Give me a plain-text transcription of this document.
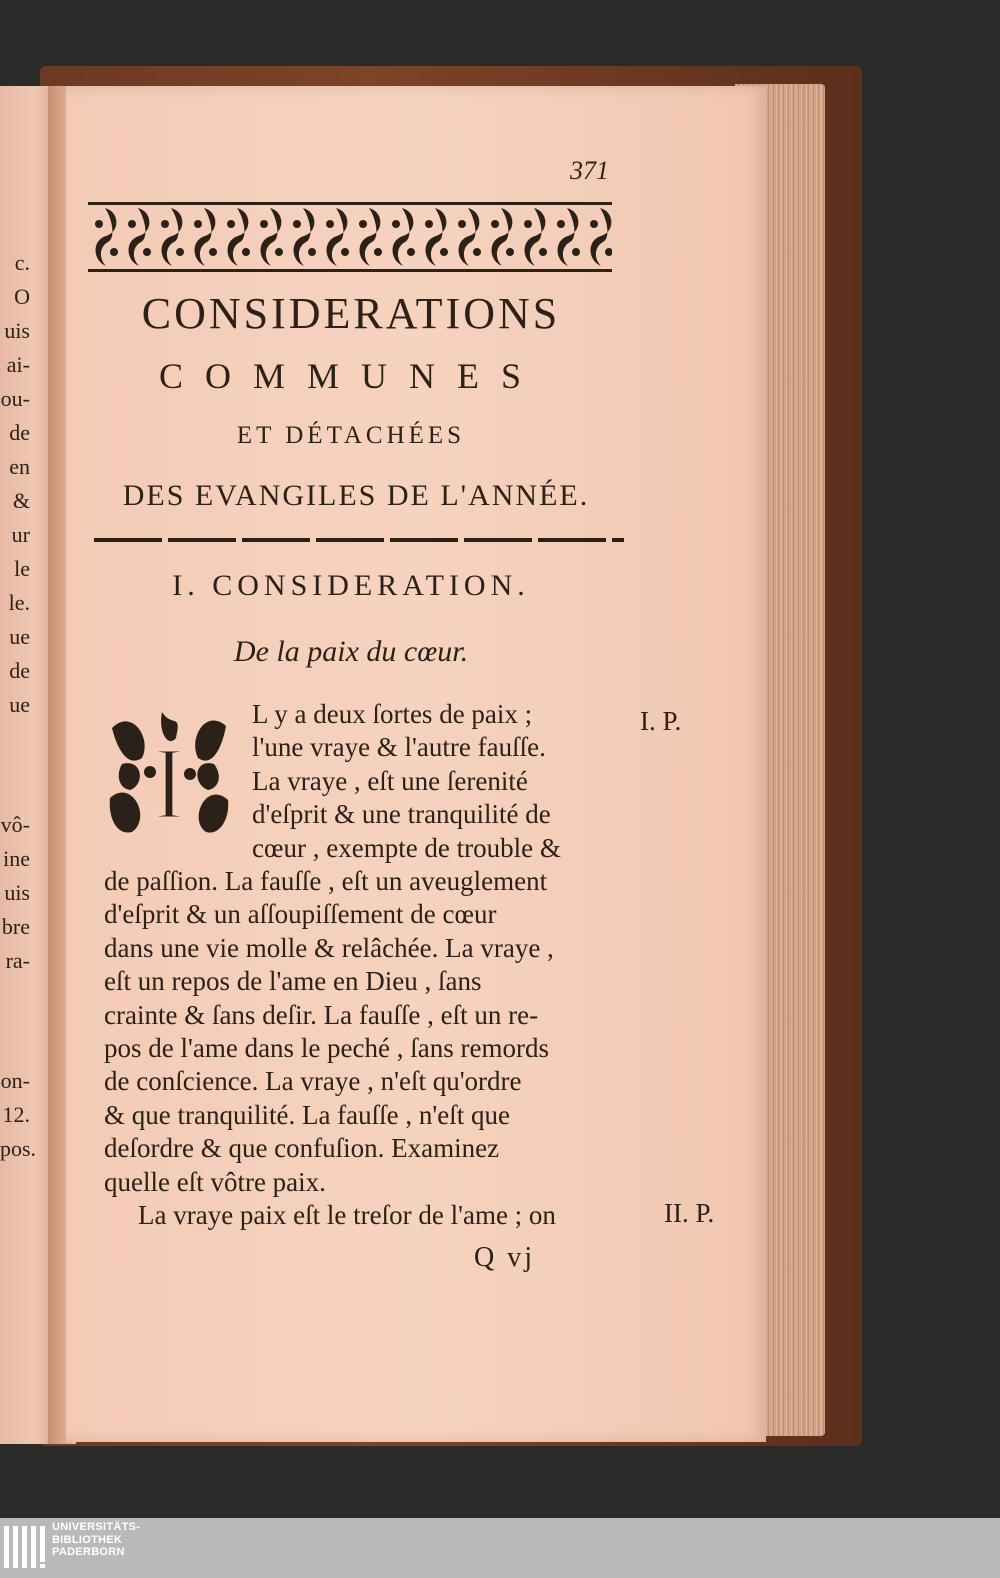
c.
O
uis
ai-
ou-
de
en
&
ur
le
le.
ue
de
ue
vô-
ine
uis
bre
ra-
on-
12.
pos.
371
CONSIDERATIONS
COMMUNES
ET DÉTACHÉES
DES EVANGILES DE L'ANNÉE.
I. CONSIDERATION.
De la paix du cœur.
I
L y a deux ſortes de paix ;
l'une vraye & l'autre fauſſe.
La vraye , eſt une ſerenité
d'eſprit & une tranquilité de
cœur , exempte de trouble &
de paſſion. La fauſſe , eſt un aveuglement
d'eſprit & un aſſoupiſſement de cœur
dans une vie molle & relâchée. La vraye ,
eſt un repos de l'ame en Dieu , ſans
crainte & ſans deſir. La fauſſe , eſt un re-
pos de l'ame dans le peché , ſans remords
de conſcience. La vraye , n'eſt qu'ordre
& que tranquilité. La fauſſe , n'eſt que
deſordre & que confuſion. Examinez
quelle eſt vôtre paix.
La vraye paix eſt le treſor de l'ame ; on
I. P.
II. P.
Q vj
UNIVERSITÄTS-
BIBLIOTHEK
PADERBORN
